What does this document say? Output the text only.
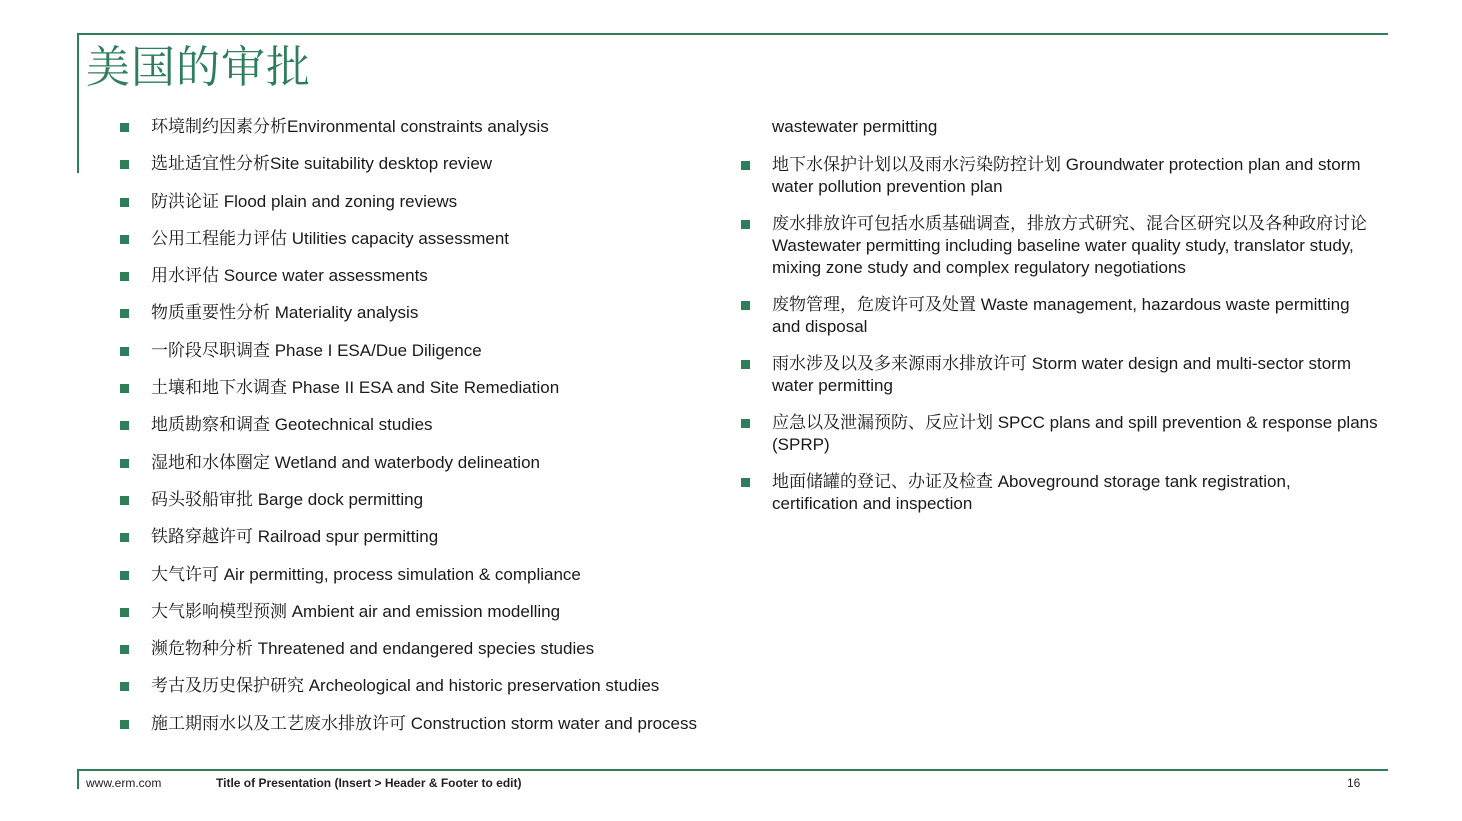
美国的审批
环境制约因素分析Environmental constraints analysis
选址适宜性分析Site suitability desktop review
防洪论证 Flood plain and zoning reviews
公用工程能力评估 Utilities capacity assessment
用水评估 Source water assessments
物质重要性分析 Materiality analysis
一阶段尽职调查 Phase I ESA/Due Diligence
土壤和地下水调查 Phase II ESA and Site Remediation
地质勘察和调查 Geotechnical studies
湿地和水体圈定 Wetland and waterbody delineation
码头驳船审批 Barge dock permitting
铁路穿越许可 Railroad spur permitting
大气许可 Air permitting, process simulation & compliance
大气影响模型预测 Ambient air and emission modelling
濒危物种分析 Threatened and endangered species studies
考古及历史保护研究 Archeological and historic preservation studies
施工期雨水以及工艺废水排放许可 Construction storm water and process
wastewater permitting
地下水保护计划以及雨水污染防控计划 Groundwater protection plan and storm water pollution prevention plan
废水排放许可包括水质基础调查，排放方式研究、混合区研究以及各种政府讨论 Wastewater permitting including baseline water quality study, translator study, mixing zone study and complex regulatory negotiations
废物管理，危废许可及处置 Waste management, hazardous waste permitting and disposal
雨水涉及以及多来源雨水排放许可 Storm water design and multi-sector storm water permitting
应急以及泄漏预防、反应计划 SPCC plans and spill prevention & response plans (SPRP)
地面储罐的登记、办证及检查 Aboveground storage tank registration, certification and inspection
www.erm.com	Title of Presentation (Insert > Header & Footer to edit)	16
